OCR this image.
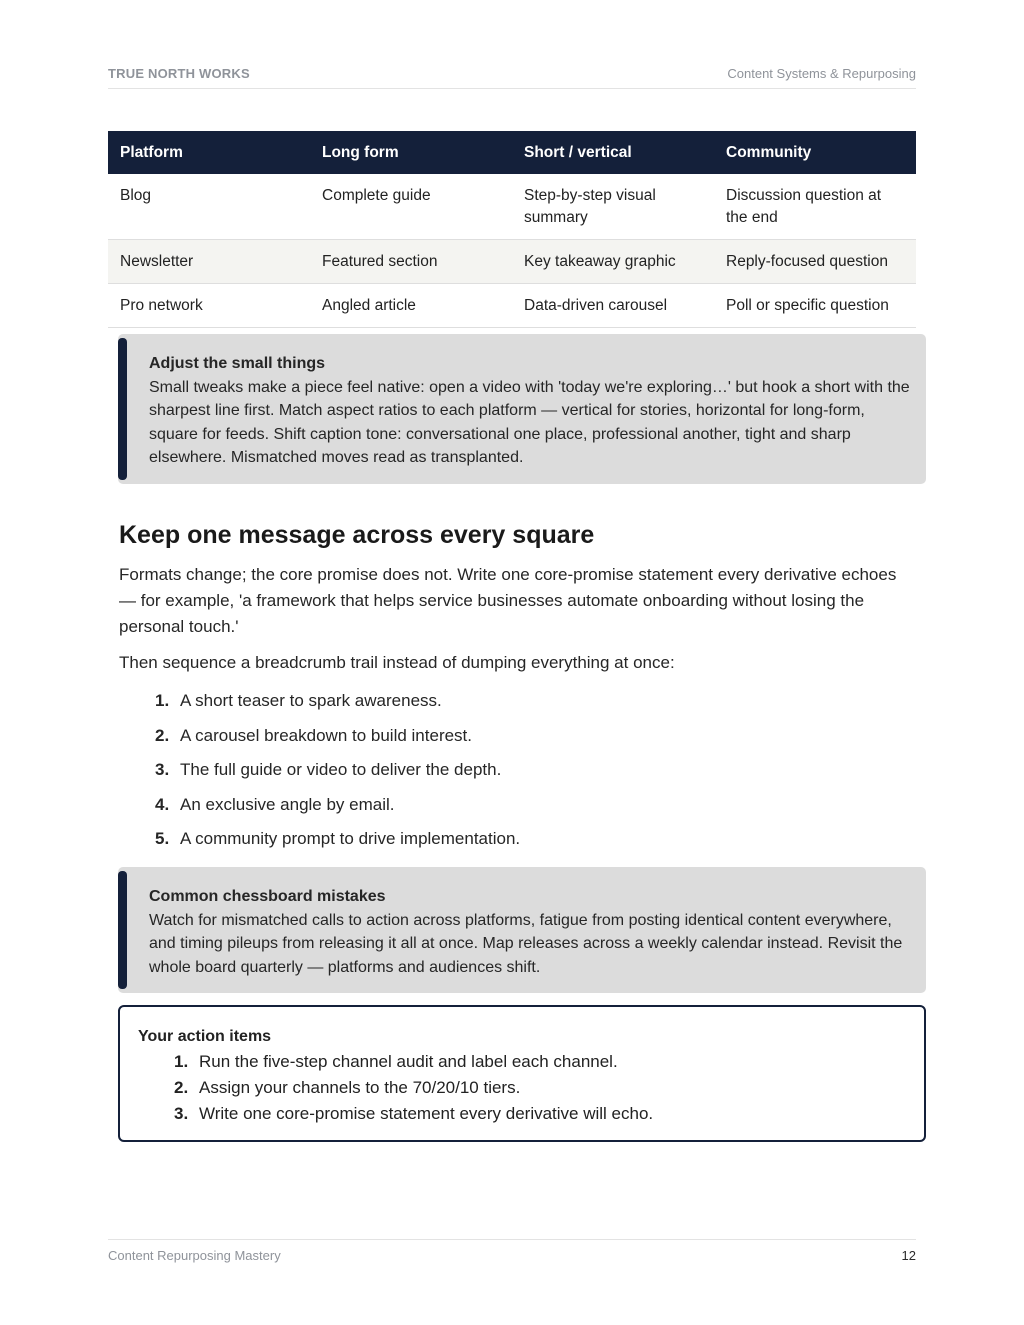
TRUE NORTH WORKS	Content Systems & Repurposing
Platform	Long form	Short / vertical	Community
Blog	Complete guide	Step-by-step visual summary	Discussion question at the end
Newsletter	Featured section	Key takeaway graphic	Reply-focused question
Pro network	Angled article	Data-driven carousel	Poll or specific question
Adjust the small things
Small tweaks make a piece feel native: open a video with 'today we're exploring…' but hook a short with the sharpest line first. Match aspect ratios to each platform — vertical for stories, horizontal for long-form, square for feeds. Shift caption tone: conversational one place, professional another, tight and sharp elsewhere. Mismatched moves read as transplanted.
Keep one message across every square

Formats change; the core promise does not. Write one core-promise statement every derivative echoes — for example, 'a framework that helps service businesses automate onboarding without losing the personal touch.'

Then sequence a breadcrumb trail instead of dumping everything at once:

1. A short teaser to spark awareness.
2. A carousel breakdown to build interest.
3. The full guide or video to deliver the depth.
4. An exclusive angle by email.
5. A community prompt to drive implementation.
Common chessboard mistakes
Watch for mismatched calls to action across platforms, fatigue from posting identical content everywhere, and timing pileups from releasing it all at once. Map releases across a weekly calendar instead. Revisit the whole board quarterly — platforms and audiences shift.
Your action items
1. Run the five-step channel audit and label each channel.
2. Assign your channels to the 70/20/10 tiers.
3. Write one core-promise statement every derivative will echo.
Content Repurposing Mastery	12
